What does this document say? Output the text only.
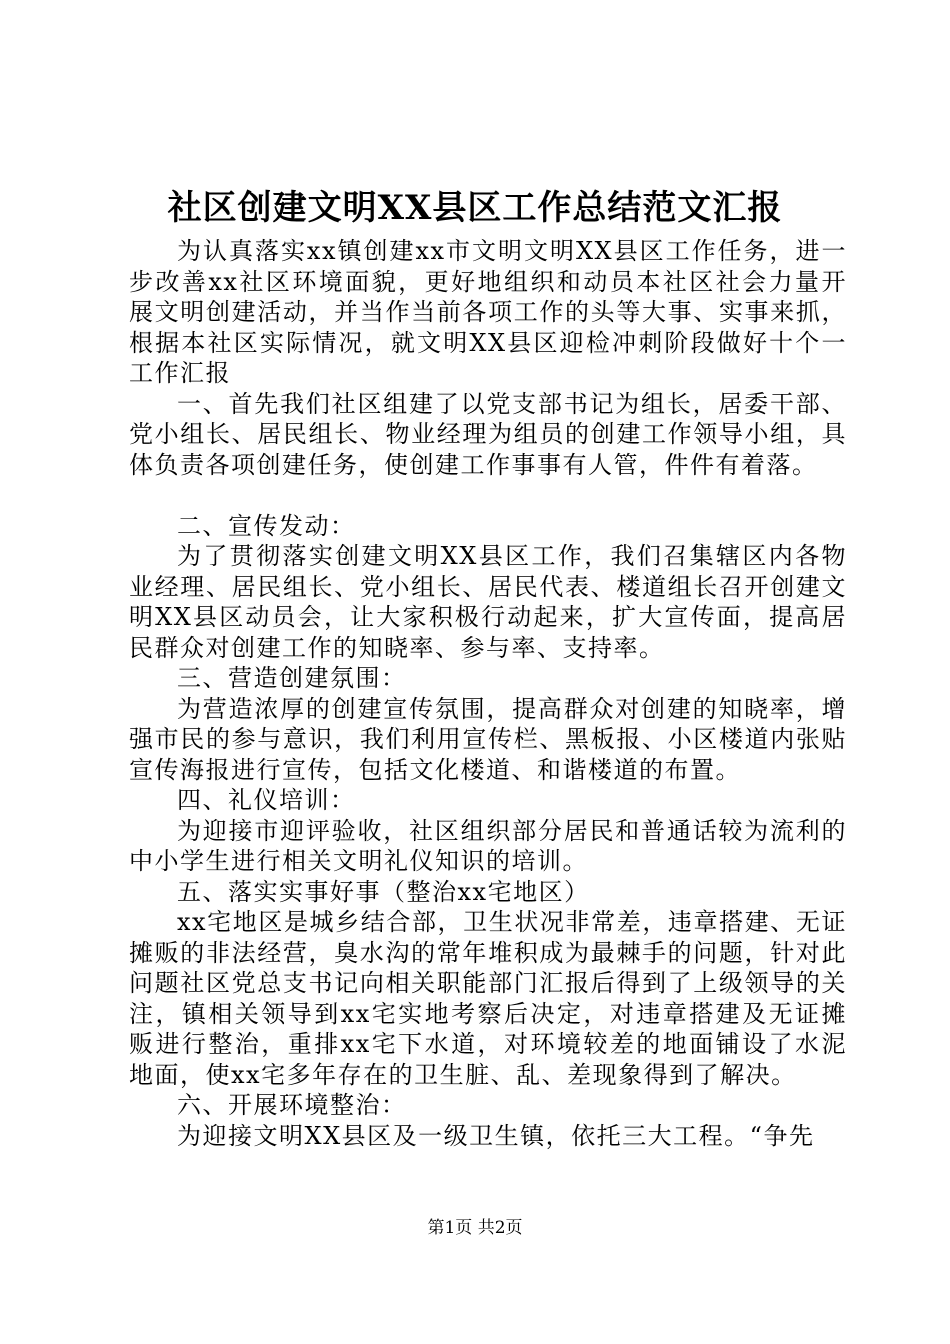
社区创建文明XX县区工作总结范文汇报

为认真落实xx镇创建xx市文明文明XX县区工作任务，进一步改善xx社区环境面貌，更好地组织和动员本社区社会力量开展文明创建活动，并当作当前各项工作的头等大事、实事来抓，根据本社区实际情况，就文明XX县区迎检冲刺阶段做好十个一工作汇报

一、首先我们社区组建了以党支部书记为组长，居委干部、党小组长、居民组长、物业经理为组员的创建工作领导小组，具体负责各项创建任务，使创建工作事事有人管，件件有着落。

二、宣传发动：

为了贯彻落实创建文明XX县区工作，我们召集辖区内各物业经理、居民组长、党小组长、居民代表、楼道组长召开创建文明XX县区动员会，让大家积极行动起来，扩大宣传面，提高居民群众对创建工作的知晓率、参与率、支持率。

三、营造创建氛围：

为营造浓厚的创建宣传氛围，提高群众对创建的知晓率，增强市民的参与意识，我们利用宣传栏、黑板报、小区楼道内张贴宣传海报进行宣传，包括文化楼道、和谐楼道的布置。

四、礼仪培训：

为迎接市迎评验收，社区组织部分居民和普通话较为流利的中小学生进行相关文明礼仪知识的培训。

五、落实实事好事（整治xx宅地区）

xx宅地区是城乡结合部，卫生状况非常差，违章搭建、无证摊贩的非法经营，臭水沟的常年堆积成为最棘手的问题，针对此问题社区党总支书记向相关职能部门汇报后得到了上级领导的关注，镇相关领导到xx宅实地考察后决定，对违章搭建及无证摊贩进行整治，重排xx宅下水道，对环境较差的地面铺设了水泥地面，使xx宅多年存在的卫生脏、乱、差现象得到了解决。

六、开展环境整治：

为迎接文明XX县区及一级卫生镇，依托三大工程。“争先

第1页 共2页
